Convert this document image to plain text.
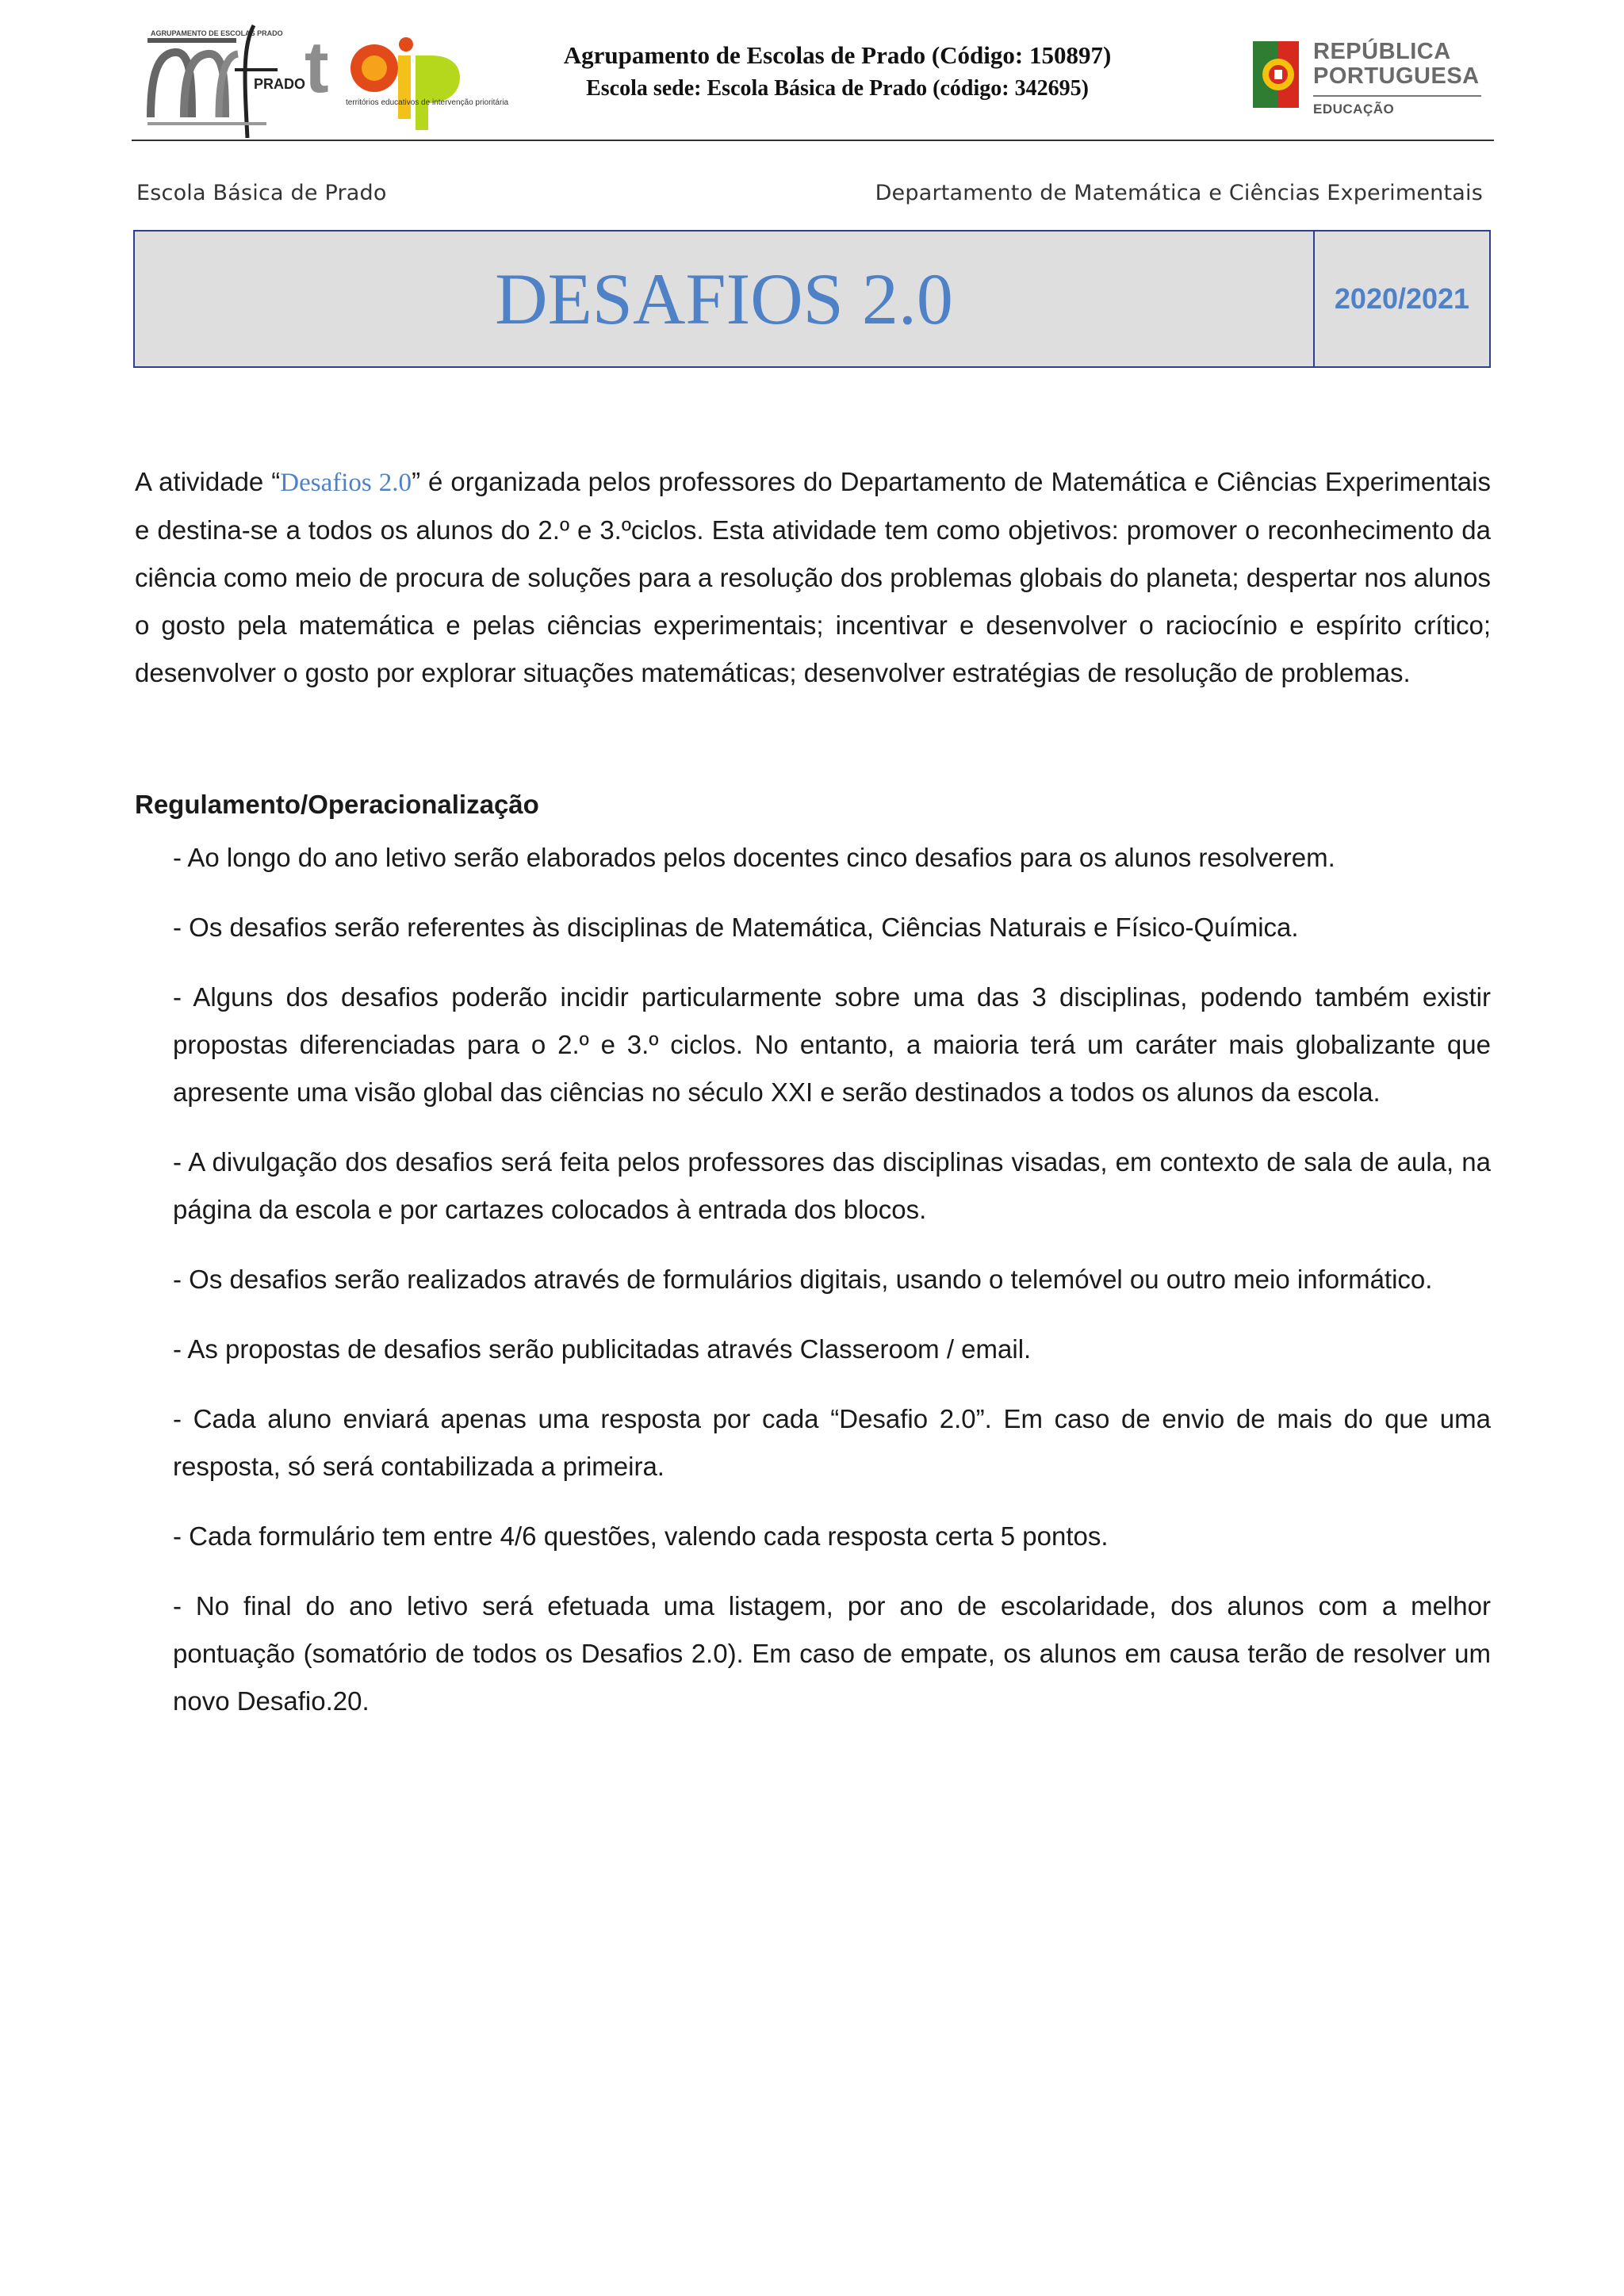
AGRUPAMENTO DE ESCOLAS PRADO
PRADO
t territórios educativos de intervenção prioritária
Agrupamento de Escolas de Prado (Código: 150897)
Escola sede: Escola Básica de Prado (código: 342695)
REPÚBLICA
PORTUGUESA
EDUCAÇÃO
Escola Básica de Prado	Departamento de Matemática e Ciências Experimentais
DESAFIOS 2.0	2020/2021

A atividade “Desafios 2.0” é organizada pelos professores do Departamento de Matemática e Ciências Experimentais e destina-se a todos os alunos do 2.º e 3.ºciclos. Esta atividade tem como objetivos: promover o reconhecimento da ciência como meio de procura de soluções para a resolução dos problemas globais do planeta; despertar nos alunos o gosto pela matemática e pelas ciências experimentais; incentivar e desenvolver o raciocínio e espírito crítico; desenvolver o gosto por explorar situações matemáticas; desenvolver estratégias de resolução de problemas.

Regulamento/Operacionalização

- Ao longo do ano letivo serão elaborados pelos docentes cinco desafios para os alunos resolverem.

- Os desafios serão referentes às disciplinas de Matemática, Ciências Naturais e Físico-Química.

- Alguns dos desafios poderão incidir particularmente sobre uma das 3 disciplinas, podendo também existir propostas diferenciadas para o 2.º e 3.º ciclos. No entanto, a maioria terá um caráter mais globalizante que apresente uma visão global das ciências no século XXI e serão destinados a todos os alunos da escola.

- A divulgação dos desafios será feita pelos professores das disciplinas visadas, em contexto de sala de aula, na página da escola e por cartazes colocados à entrada dos blocos.

- Os desafios serão realizados através de formulários digitais, usando o telemóvel ou outro meio informático.

- As propostas de desafios serão publicitadas através Classeroom / email.

- Cada aluno enviará apenas uma resposta por cada “Desafio 2.0”. Em caso de envio de mais do que uma resposta, só será contabilizada a primeira.

- Cada formulário tem entre 4/6 questões, valendo cada resposta certa 5 pontos.

- No final do ano letivo será efetuada uma listagem, por ano de escolaridade, dos alunos com a melhor pontuação (somatório de todos os Desafios 2.0). Em caso de empate, os alunos em causa terão de resolver um novo Desafio.20.
